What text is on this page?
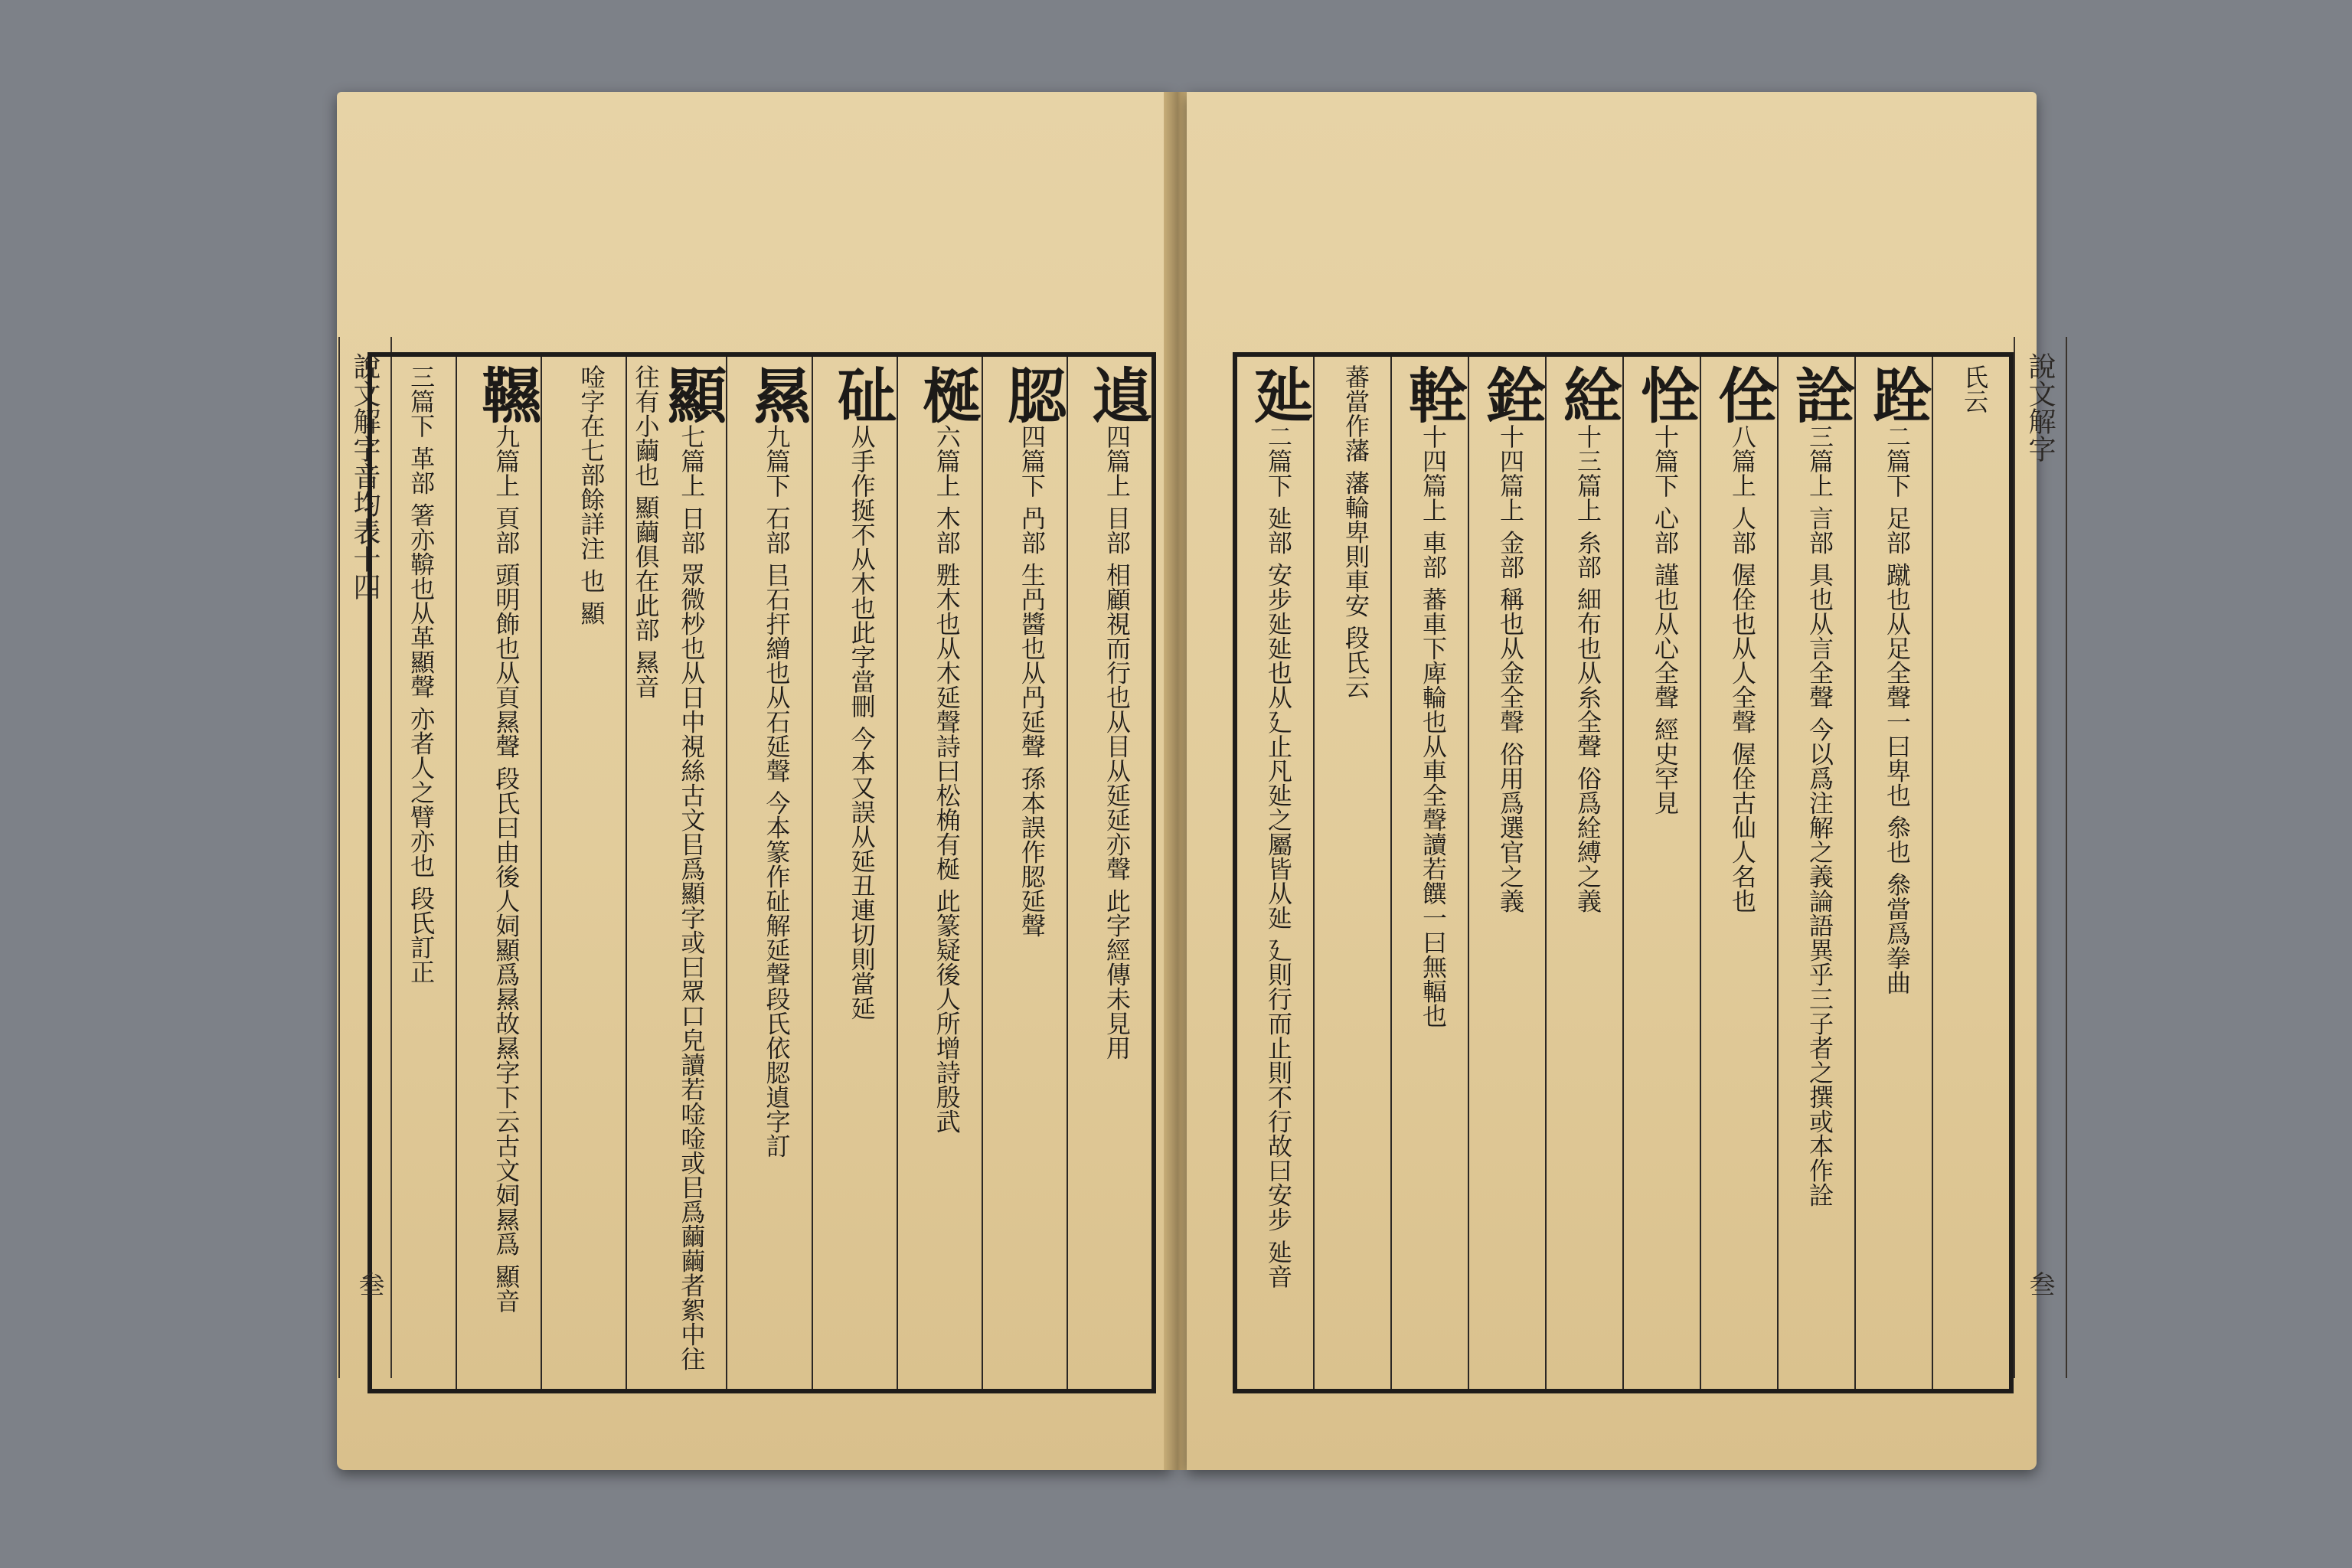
說文解字音均表十四	遉四篇上 目部 相顧視而行也从目从延延亦聲 此字經傳未見用
䏰四篇下 冎部 生冎醬也从冎延聲 孫本誤作䏰延聲
梴六篇上 木部 㽒木也从木延聲詩曰松桷有梴 此篆疑後人所增詩殷武
砋从手作挻不从木也此字當刪 今本又誤从延丑連切則當延
㬎九篇下 石部 㠯石扞繒也从石延聲 今本篆作砋解延聲段氏依䏰遉字訂
顯七篇上 日部 眾微杪也从日中視絲古文㠯爲顯字或曰眾口皃讀若唫唫或㠯爲繭繭者絮中往往有小繭也 顯繭俱在此部 㬎音
唫字在七部餘詳注 也 顯
韅九篇上 頁部 頭明飾也从頁㬎聲 段氏曰由後人㚸顯爲㬎故㬎字下云古文㚸㬎爲 顯音
三篇下 革部 箸亦鞥也从革顯聲 亦者人之臂亦也 段氏訂正
叁
氏云
跧二篇下 足部 蹴也从足全聲一曰卑也 叅也 叅當爲拳曲
詮三篇上 言部 具也从言全聲 今以爲注解之義論語異乎三子者之撰或本作詮
佺八篇上 人部 偓佺也从人全聲 偓佺古仙人名也
恮十篇下 心部 謹也从心全聲 經史罕見
絟十三篇上 糸部 細布也从糸全聲 俗爲絟縛之義
銓十四篇上 金部 稱也从金全聲 俗用爲選官之義
輇十四篇上 車部 蕃車下庳輪也从車全聲讀若饌一曰無輻也
蕃當作藩 藩輪卑則車安 段氏云
㢟二篇下 㢟部 安步㢟㢟也从廴止凡㢟之屬皆从㢟 廴則行而止則不行故曰安步 㢟音
說文解字
叁
